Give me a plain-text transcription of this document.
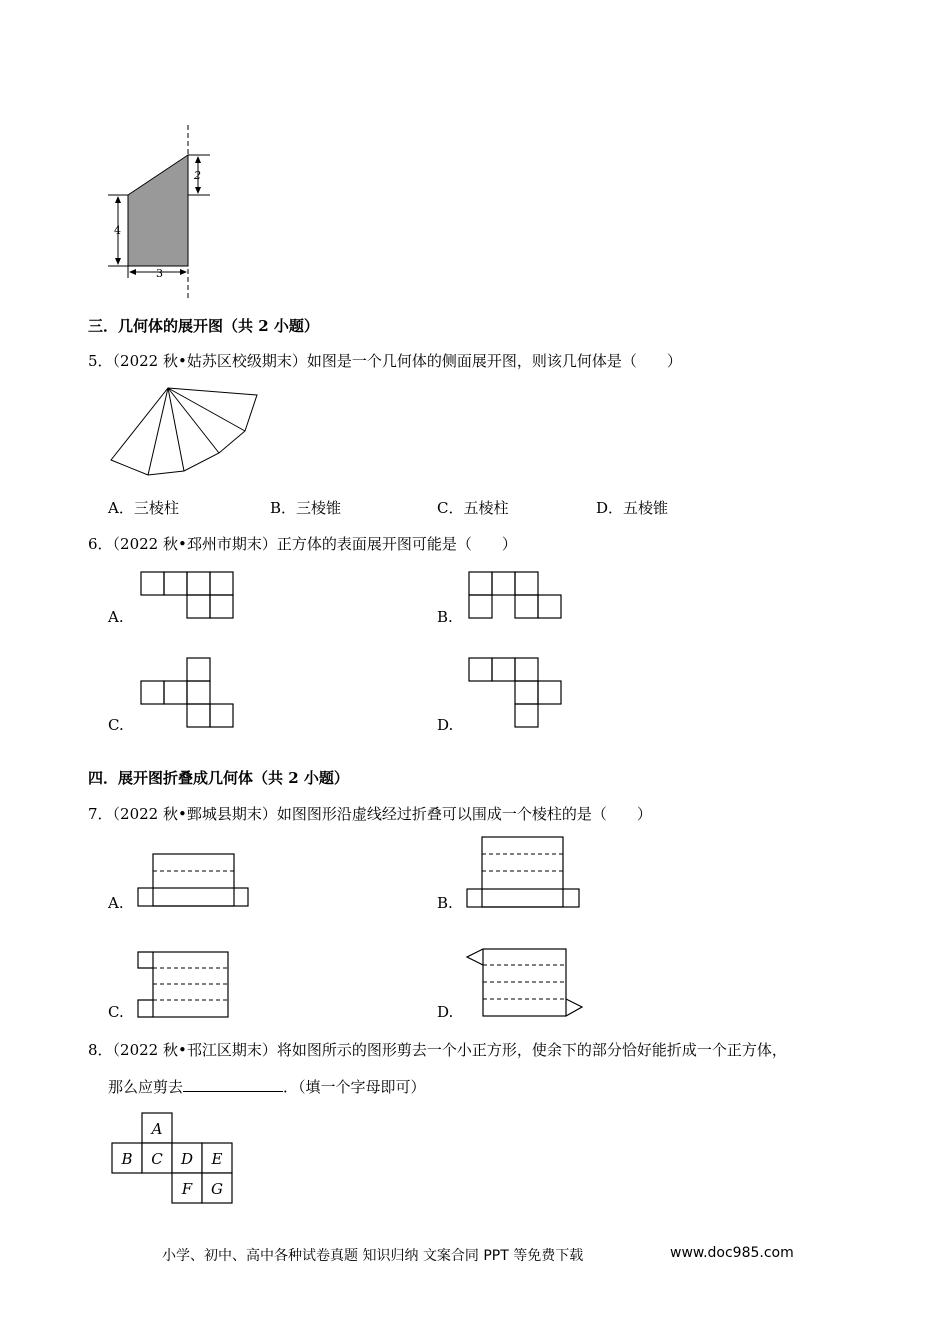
2
4
3
三．几何体的展开图（共 2 小题）
5．（2022 秋•姑苏区校级期末）如图是一个几何体的侧面展开图，则该几何体是（　　）
A．三棱柱	B．三棱锥	C．五棱柱	D．五棱锥
6．（2022 秋•邳州市期末）正方体的表面展开图可能是（　　）
A.	B.
C.	D.
四．展开图折叠成几何体（共 2 小题）
7．（2022 秋•鄄城县期末）如图图形沿虚线经过折叠可以围成一个棱柱的是（　　）
A.	B.
C.	D.
8．（2022 秋•邗江区期末）将如图所示的图形剪去一个小正方形，使余下的部分恰好能折成一个正方体，
那么应剪去	．（填一个字母即可）
A
B C D E
F G
小学、初中、高中各种试卷真题 知识归纳 文案合同 PPT 等免费下载	www.doc985.com
